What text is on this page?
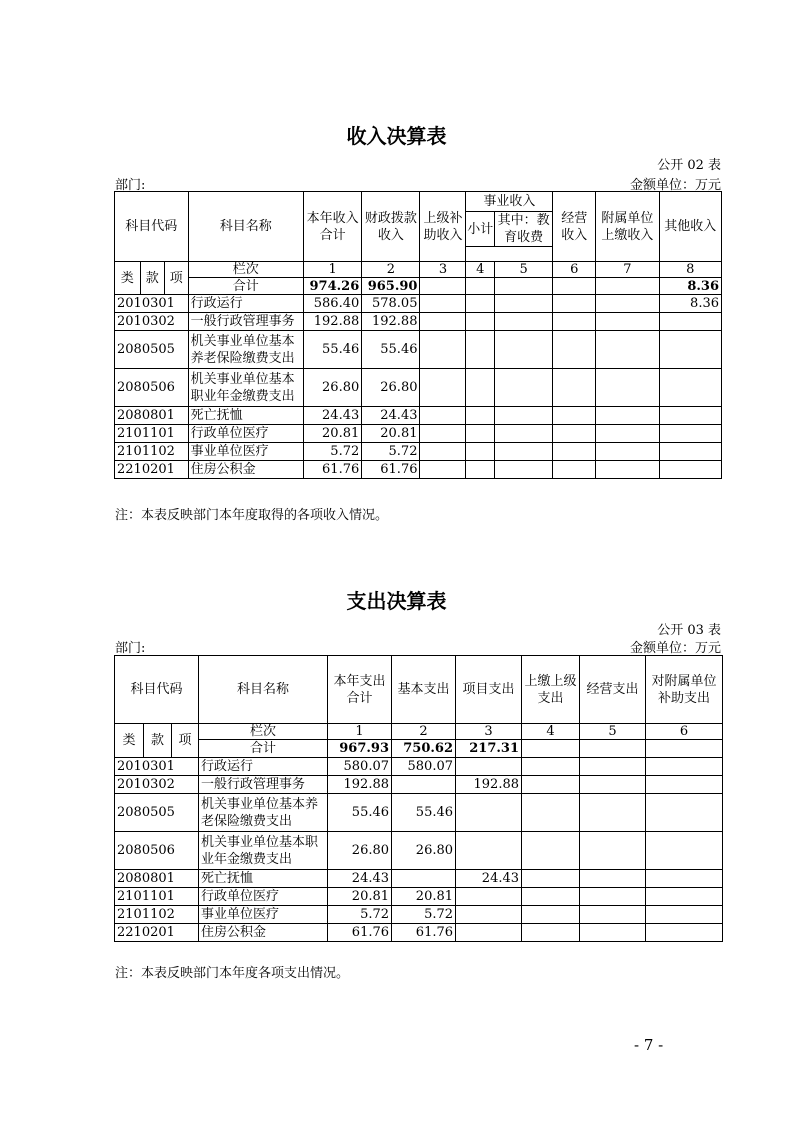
收入决算表
公开 02 表
部门:	金额单位：万元
科目代码			科目名称	本年收入合计	财政拨款收入	上级补助收入	事业收入		经营收入	附属单位上缴收入	其他收入
							小计	其中：教育收费			

类	款	项	栏次	1	2	3	4	5	6	7	8
			合计	974.26	965.90						8.36
2010301			行政运行	586.40	578.05						8.36
2010302			一般行政管理事务	192.88	192.88						
2080505			机关事业单位基本养老保险缴费支出	55.46	55.46						
2080506			机关事业单位基本职业年金缴费支出	26.80	26.80						
2080801			死亡抚恤	24.43	24.43						
2101101			行政单位医疗	20.81	20.81						
2101102			事业单位医疗	5.72	5.72						
2210201			住房公积金	61.76	61.76						
注：本表反映部门本年度取得的各项收入情况。
支出决算表
公开 03 表
部门:	金额单位：万元
科目代码			科目名称	本年支出合计	基本支出	项目支出	上缴上级支出	经营支出	对附属单位补助支出
类	款	项	栏次	1	2	3	4	5	6
			合计	967.93	750.62	217.31			
2010301			行政运行	580.07	580.07				
2010302			一般行政管理事务	192.88		192.88			
2080505			机关事业单位基本养老保险缴费支出	55.46	55.46				
2080506			机关事业单位基本职业年金缴费支出	26.80	26.80				
2080801			死亡抚恤	24.43		24.43			
2101101			行政单位医疗	20.81	20.81				
2101102			事业单位医疗	5.72	5.72				
2210201			住房公积金	61.76	61.76				
注：本表反映部门本年度各项支出情况。
- 7 -
